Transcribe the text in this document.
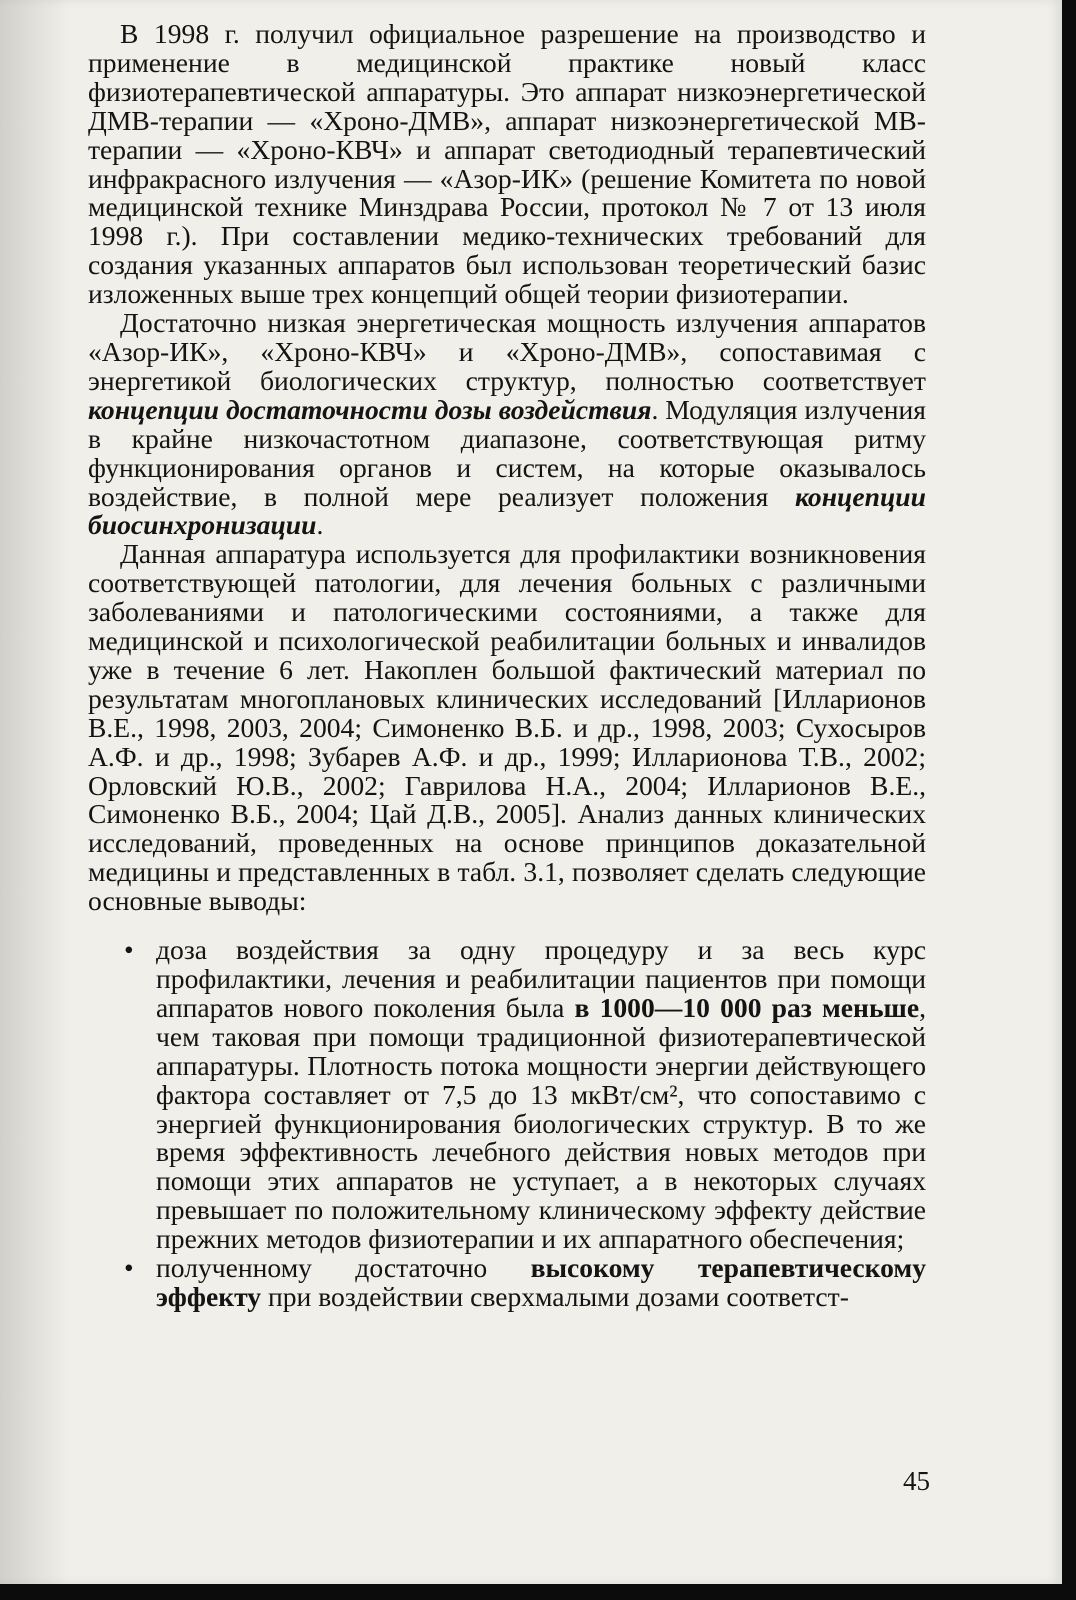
В 1998 г. получил официальное разрешение на производство и применение в медицинской практике новый класс физиотерапевтической аппаратуры. Это аппарат низкоэнергетической ДМВ-терапии — «Хроно-ДМВ», аппарат низкоэнергетической МВ-терапии — «Хроно-КВЧ» и аппарат светодиодный терапевтический инфракрасного излучения — «Азор-ИК» (решение Комитета по новой медицинской технике Минздрава России, протокол № 7 от 13 июля 1998 г.). При составлении медико-технических требований для создания указанных аппаратов был использован теоретический базис изложенных выше трех концепций общей теории физиотерапии.

Достаточно низкая энергетическая мощность излучения аппаратов «Азор-ИК», «Хроно-КВЧ» и «Хроно-ДМВ», сопоставимая с энергетикой биологических структур, полностью соответствует концепции достаточности дозы воздействия. Модуляция излучения в крайне низкочастотном диапазоне, соответствующая ритму функционирования органов и систем, на которые оказывалось воздействие, в полной мере реализует положения концепции биосинхронизации.

Данная аппаратура используется для профилактики возникновения соответствующей патологии, для лечения больных с различными заболеваниями и патологическими состояниями, а также для медицинской и психологической реабилитации больных и инвалидов уже в течение 6 лет. Накоплен большой фактический материал по результатам многоплановых клинических исследований [Илларионов В.Е., 1998, 2003, 2004; Симоненко В.Б. и др., 1998, 2003; Сухосыров А.Ф. и др., 1998; Зубарев А.Ф. и др., 1999; Илларионова Т.В., 2002; Орловский Ю.В., 2002; Гаврилова Н.А., 2004; Илларионов В.Е., Симоненко В.Б., 2004; Цай Д.В., 2005]. Анализ данных клинических исследований, проведенных на основе принципов доказательной медицины и представленных в табл. 3.1, позволяет сделать следующие основные выводы:

• доза воздействия за одну процедуру и за весь курс профилактики, лечения и реабилитации пациентов при помощи аппаратов нового поколения была в 1000—10 000 раз меньше, чем таковая при помощи традиционной физиотерапевтической аппаратуры. Плотность потока мощности энергии действующего фактора составляет от 7,5 до 13 мкВт/см², что сопоставимо с энергией функционирования биологических структур. В то же время эффективность лечебного действия новых методов при помощи этих аппаратов не уступает, а в некоторых случаях превышает по положительному клиническому эффекту действие прежних методов физиотерапии и их аппаратного обеспечения;
• полученному достаточно высокому терапевтическому эффекту при воздействии сверхмалыми дозами соответст-
45
